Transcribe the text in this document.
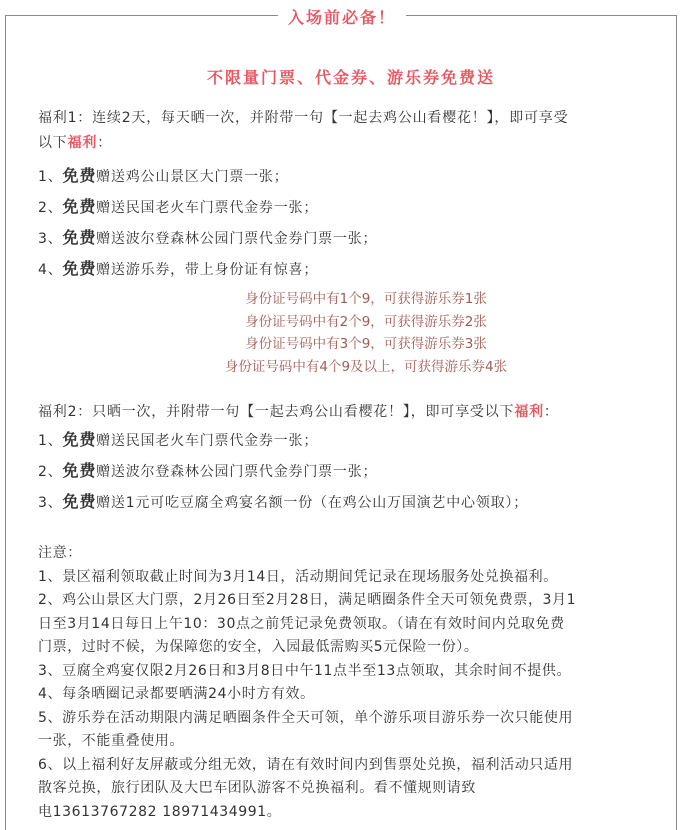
入场前必备！
不限量门票、代金券、游乐券免费送
福利1：连续2天，每天晒一次，并附带一句【一起去鸡公山看樱花！】，即可享受
以下福利：
1、免费赠送鸡公山景区大门票一张；
2、免费赠送民国老火车门票代金券一张；
3、免费赠送波尔登森林公园门票代金券门票一张；
4、免费赠送游乐券，带上身份证有惊喜；
身份证号码中有1个9，可获得游乐券1张
身份证号码中有2个9，可获得游乐券2张
身份证号码中有3个9，可获得游乐券3张
身份证号码中有4个9及以上，可获得游乐券4张
福利2：只晒一次，并附带一句【一起去鸡公山看樱花！】，即可享受以下福利：
1、免费赠送民国老火车门票代金券一张；
2、免费赠送波尔登森林公园门票代金券门票一张；
3、免费赠送1元可吃豆腐全鸡宴名额一份（在鸡公山万国演艺中心领取）；
注意：
1、景区福利领取截止时间为3月14日，活动期间凭记录在现场服务处兑换福利。
2、鸡公山景区大门票，2月26日至2月28日，满足晒圈条件全天可领免费票，3月1
日至3月14日每日上午10：30点之前凭记录免费领取。（请在有效时间内兑取免费
门票，过时不候，为保障您的安全，入园最低需购买5元保险一份）。
3、豆腐全鸡宴仅限2月26日和3月8日中午11点半至13点领取，其余时间不提供。
4、每条晒圈记录都要晒满24小时方有效。
5、游乐券在活动期限内满足晒圈条件全天可领，单个游乐项目游乐券一次只能使用
一张，不能重叠使用。
6、以上福利好友屏蔽或分组无效，请在有效时间内到售票处兑换，福利活动只适用
散客兑换，旅行团队及大巴车团队游客不兑换福利。看不懂规则请致
电13613767282 18971434991。
